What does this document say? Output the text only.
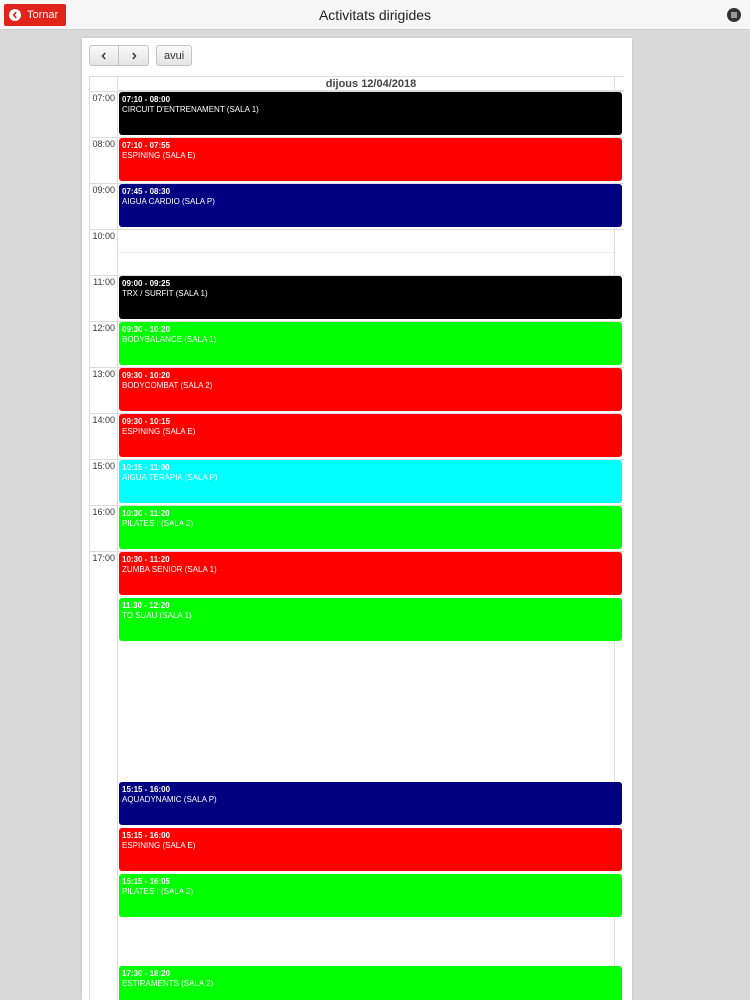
Tornar	Activitats dirigides
avui
dijous 12/04/2018
07:00
08:00
09:00
10:00
11:00
12:00
13:00
14:00
15:00
16:00
17:00
07:10 - 08:00
CIRCUIT D'ENTRENAMENT (SALA 1)
07:10 - 07:55
ESPINING (SALA E)
07:45 - 08:30
AIGUA CARDIO (SALA P)
09:00 - 09:25
TRX / SURFIT (SALA 1)
09:30 - 10:20
BODYBALANCE (SALA 1)
09:30 - 10:20
BODYCOMBAT (SALA 2)
09:30 - 10:15
ESPINING (SALA E)
10:15 - 11:00
AIGUA TERÀPIA (SALA P)
10:30 - 11:20
PILATES I (SALA 2)
10:30 - 11:20
ZUMBA SENIOR (SALA 1)
11:30 - 12:20
TO SUAU (SALA 1)
15:15 - 16:00
AQUADYNAMIC (SALA P)
15:15 - 16:00
ESPINING (SALA E)
15:15 - 16:05
PILATES I (SALA 2)
17:30 - 18:20
ESTIRAMENTS (SALA 2)
